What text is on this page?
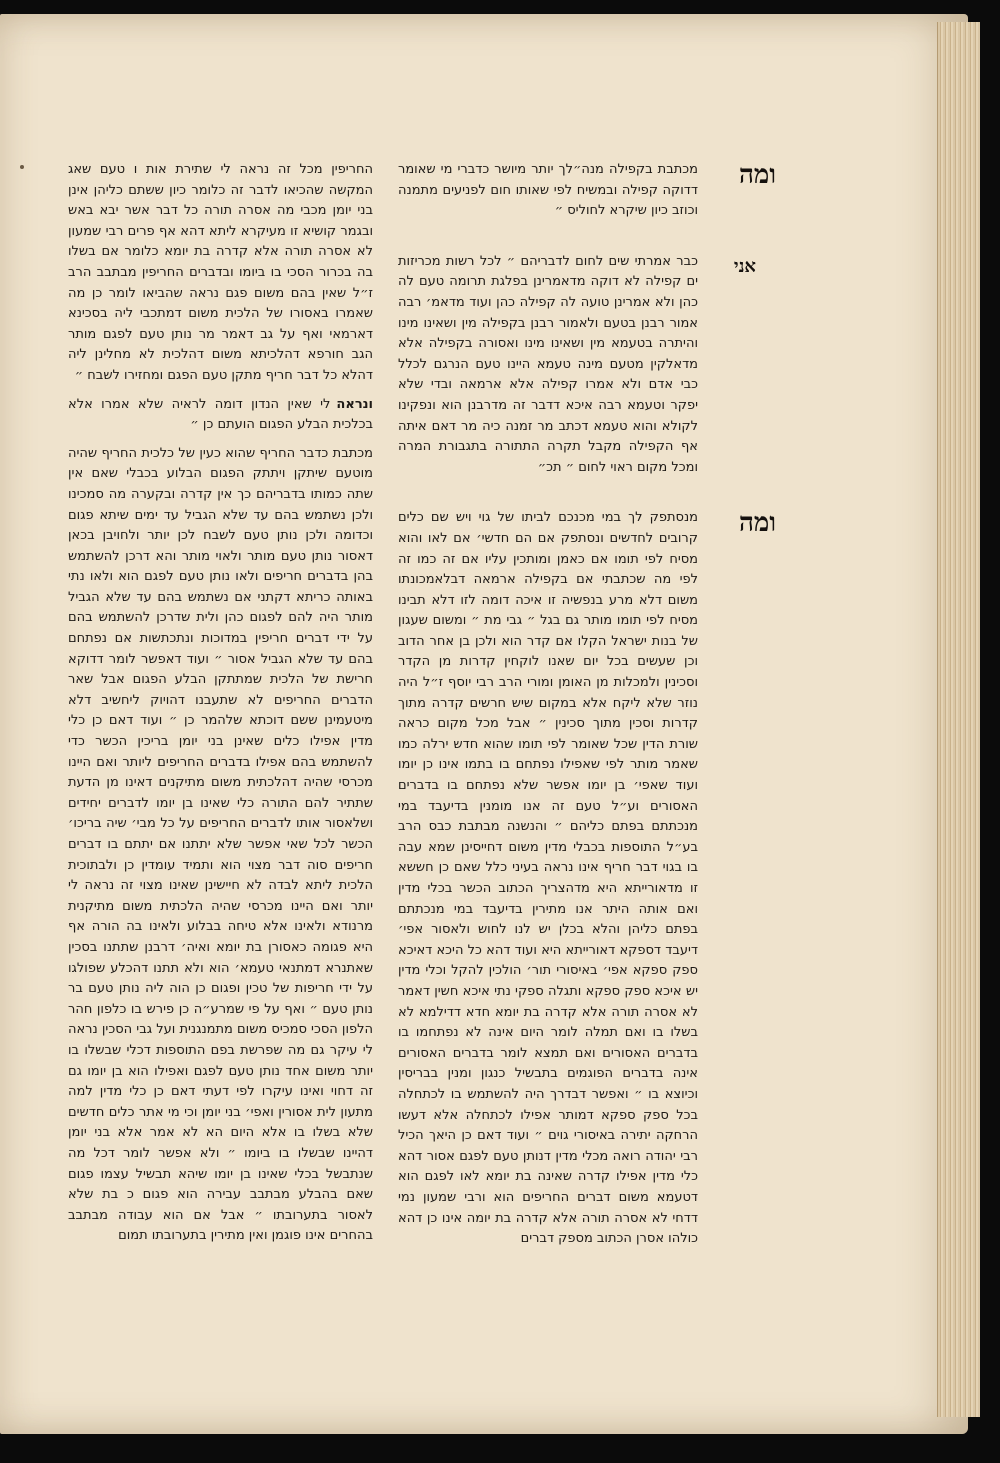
ומה

מכתבת בקפילה מנה״לך יותר מיושר כדברי מי שאומר דדוקה קפילה ובמשיח לפי שאותו חום לפניעים מתמנה וכוזב כיון שיקרא לחוליס ״

אני

כבר אמרתי שים לחום לדבריהם ״ לכל רשות מכריזות ים קפילה לא דוקה מדאמרינן בפלגת תרומה טעם לה כהן ולא אמרינן טועה לה קפילה כהן ועוד מדאמ׳ רבה אמור רבנן בטעם ולאמור רבנן בקפילה מין ושאינו מינו והיתרה בטעמא מין ושאינו מינו ואסורה בקפילה אלא מדאלקין מטעם מינה טעמא היינו טעם הנרגם לכלל כבי אדם ולא אמרו קפילה אלא ארמאה ובדי שלא יפקר וטעמא רבה איכא דדבר זה מדרבנן הוא ונפקינו לקולא והוא טעמא דכתב מר זמנה כיה מר דאם איתה אף הקפילה מקבל תקרה התתורה בתגבורת המרה ומכל מקום ראוי לחום ״ תכ״

ומה

מנסתפק לך במי מכנכם לביתו של גוי ויש שם כלים קרובים לחדשים ונסתפק אם הם חדשי׳ אם לאו והוא מסיח לפי תומו אם כאמן ומותכין עליו אם זה כמו זה לפי מה שכתבתי אם בקפילה ארמאה דבלאמכונתו משום דלא מרע בנפשיה זו איכה דומה לזו דלא תבינו מסיח לפי תומו מותר גם בגל ״ גבי מת ״ ומשום שעגון של בנות ישראל הקלו אם קדר הוא ולכן בן אחר הדוב וכן שעשים בכל יום שאנו לוקחין קדרות מן הקדר וסכינין ולמכלות מן האומן ומורי הרב רבי יוסף ז״ל היה נוזר שלא ליקח אלא במקום שיש חרשים קדרה מתוך קדרות וסכין מתוך סכינין ״ אבל מכל מקום כראה שורת הדין שכל שאומר לפי תומו שהוא חדש ירלה כמו שאמר מותר לפי שאפילו נפתחם בו בתמו אינו כן יומו ועוד שאפי׳ בן יומו אפשר שלא נפתחם בו בדברים האסורים וע״ל טעם זה אנו מומנין בדיעבד במי מנכתתם בפתם כליהם ״ והנשנה מבתבת כבס הרב בע״ל התוספות בכבלי מדין משום דחייסינן שמא עבה בו בגוי דבר חריף אינו נראה בעיני כלל שאם כן חששא זו מדאורייתא היא מדהצריך הכתוב הכשר בכלי מדין ואם אותה היתר אנו מתירין בדיעבד במי מנכתתם בפתם כליהן והלא בכלן יש לנו לחוש ולאסור אפי׳ דיעבד דספקא דאורייתא היא ועוד דהא כל היכא דאיכא ספק ספקא אפי׳ באיסורי תור׳ הולכין להקל וכלי מדין יש איכא ספק ספקא ותגלה ספקי נתי איכא חשין דאמר לא אסרה תורה אלא קדרה בת יומא חדא דדילמא לא בשלו בו ואם תמלה לומר היום אינה לא נפתחמו בו בדברים האסורים ואם תמצא לומר בדברים האסורים אינה בדברים הפוגמים בתבשיל כנגון ומנין בבריסין וכיוצא בו ״ ואפשר דבדרך היה להשתמש בו לכתחלה בכל ספק ספקא דמותר אפילו לכתחלה אלא דעשו הרחקה יתירה באיסורי גוים ״ ועוד דאם כן היאך הכיל רבי יהודה רואה מכלי מדין דנותן טעם לפגם אסור דהא כלי מדין אפילו קדרה שאינה בת יומא לאו לפגם הוא דטעמא משום דברים החריפים הוא ורבי שמעון נמי דדחי לא אסרה תורה אלא קדרה בת יומה אינו כן דהא כולהו אסרן הכתוב מספק דברים

החריפין מכל זה נראה לי שתירת אות ו טעם שאג המקשה שהכיאו לדבר זה כלומר כיון ששתם כליהן אינן בני יומן מכבי מה אסרה תורה כל דבר אשר יבא באש ובגמר קושיא זו מעיקרא ליתא דהא אף פרים רבי שמעון לא אסרה תורה אלא קדרה בת יומא כלומר אם בשלו בה בכרור הסכי בו ביומו ובדברים החריפין מבתבב הרב ז״ל שאין בהם משום פגם נראה שהביאו לומר כן מה שאמרו באסורו של הלכית משום דמתכבי ליה בסכינא דארמאי ואף על גב דאמר מר נותן טעם לפגם מותר הגב חורפא דהלכיתא משום דהלכית לא מחלינן ליה דהלא כל דבר חריף מתקן טעם הפגם ומחזירו לשבח ״

ונראהלי שאין הנדון דומה לראיה שלא אמרו אלא בכלכית הבלע הפגום הועתם כן ״

מכתבת כדבר החריף שהוא כעין של כלכית החריף שהיה מוטעם שיתקן ויתתק הפגום הבלוע בכבלי שאם אין שתה כמותו בדבריהם כך אין קדרה ובקערה מה סמכינו ולכן נשתמש בהם עד שלא הגביל עד ימים שיתא פגום וכדומה ולכן נותן טעם לשבח לכן יותר ולחויבן בכאן דאסור נותן טעם מותר ולאוי מותר והא דרכן להשתמש בהן בדברים חריפים ולאו נותן טעם לפגם הוא ולאו נתי באותה כריתא דקתני אם נשתמש בהם עד שלא הגביל מותר היה להם לפגום כהן ולית שדרכן להשתמש בהם על ידי דברים חריפין במדוכות ונתכתשות אם נפתחם בהם עד שלא הגביל אסור ״ ועוד דאפשר לומר דדוקא חרישת של הלכית שמתתקן הבלע הפגום אבל שאר הדברים החריפים לא שתעבנו דהויוק ליחשיב דלא מיטעמינן ששם דוכתא שלהמר כן ״ ועוד דאם כן כלי מדין אפילו כלים שאינן בני יומן בריכין הכשר כדי להשתמש בהם אפילו בדברים החריפים ליותר ואם היינו מכרסי שהיה דהלכתית משום מתיקנים דאינו מן הדעת שתתיר להם התורה כלי שאינו בן יומו לדברים יחידים ושלאסור אותו לדברים החריפים על כל מבי׳ שיה בריכו׳ הכשר לכל שאי אפשר שלא יתתנו אם יתתם בו דברים חריפים סוה דבר מצוי הוא ותמיד עומדין כן ולבתוכית הלכית ליתא לבדה לא חיישינן שאינו מצוי זה נראה לי יותר ואם היינו מכרסי שהיה הלכתית משום מתיקנית מרנודא ולאינו אלא טיחה בבלוע ולאינו בה הורה אף היא פגומה כאסורן בת יומא ואיה׳ דרבנן שתתנו בסכין שאתנרא דמתנאי טעמא׳ הוא ולא תתנו דהכלע שפולגו על ידי חריפות של טכין ופגום כן הוה ליה נותן טעם בר נותן טעם ״ ואף על פי שמרע״ה כן פירש בו כלפון חהר הלפון הסכי סמכיס משום מתמנגנית ועל גבי הסכין נראה לי עיקר גם מה שפרשת בפם התוספות דכלי שבשלו בו יותר משום אחד נותן טעם לפגם ואפילו הוא בן יומו גם זה דחוי ואינו עיקרו לפי דעתי דאם כן כלי מדין למה מתעון לית אסורין ואפי׳ בני יומן וכי מי אתר כלים חדשים שלא בשלו בו אלא היום הא לא אמר אלא בני יומן דהיינו שבשלו בו ביומו ״ ולא אפשר לומר דכל מה שנתבשל בכלי שאינו בן יומו שיהא תבשיל עצמו פגום שאם בהבלע מבתבב עבירה הוא פגום כ בת שלא לאסור בתערובתו ״ אבל אם הוא עבודה מבתבב בהחרים אינו פוגמן ואין מתירין בתערובתו תמום
